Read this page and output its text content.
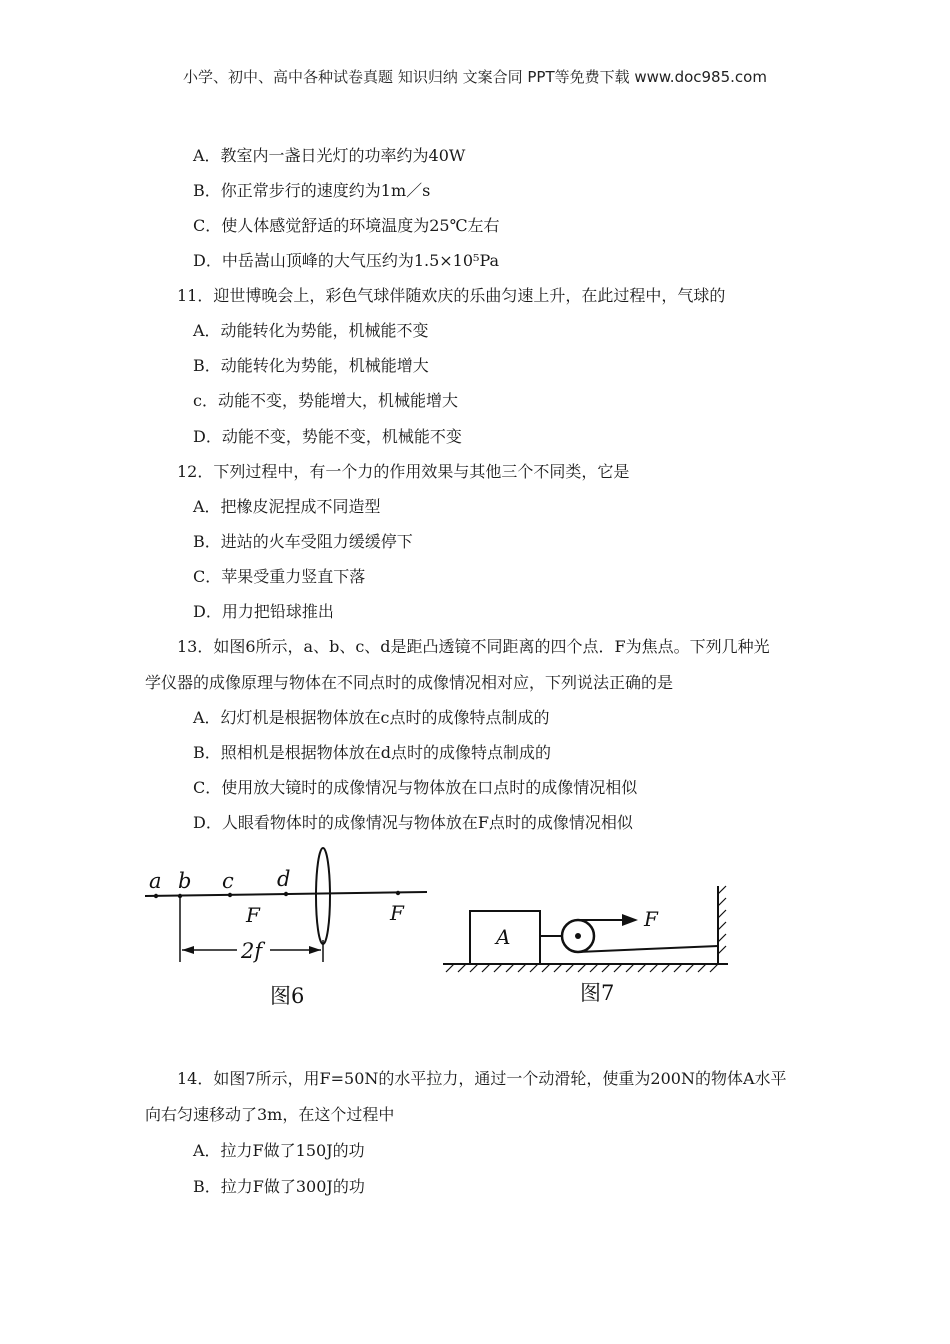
小学、初中、高中各种试卷真题 知识归纳 文案合同 PPT等免费下载 www.doc985.com
A．教室内一盏日光灯的功率约为40W
B．你正常步行的速度约为1m／s
C．使人体感觉舒适的环境温度为25℃左右
D．中岳嵩山顶峰的大气压约为1.5×10⁵Pa
11．迎世博晚会上，彩色气球伴随欢庆的乐曲匀速上升，在此过程中，气球的
A．动能转化为势能，机械能不变
B．动能转化为势能，机械能增大
c．动能不变，势能增大，机械能增大
D．动能不变，势能不变，机械能不变
12．下列过程中，有一个力的作用效果与其他三个不同类，它是
A．把橡皮泥捏成不同造型
B．进站的火车受阻力缓缓停下
C．苹果受重力竖直下落
D．用力把铅球推出
13．如图6所示，a、b、c、d是距凸透镜不同距离的四个点．F为焦点。下列几种光
学仪器的成像原理与物体在不同点时的成像情况相对应，下列说法正确的是
A．幻灯机是根据物体放在c点时的成像特点制成的
B．照相机是根据物体放在d点时的成像特点制成的
C．使用放大镜时的成像情况与物体放在口点时的成像情况相似
D．人眼看物体时的成像情况与物体放在F点时的成像情况相似
a b c d
F	F
2f
图6
A
F
图7
14．如图7所示，用F=50N的水平拉力，通过一个动滑轮，使重为200N的物体A水平
向右匀速移动了3m，在这个过程中
A．拉力F做了150J的功
B．拉力F做了300J的功
